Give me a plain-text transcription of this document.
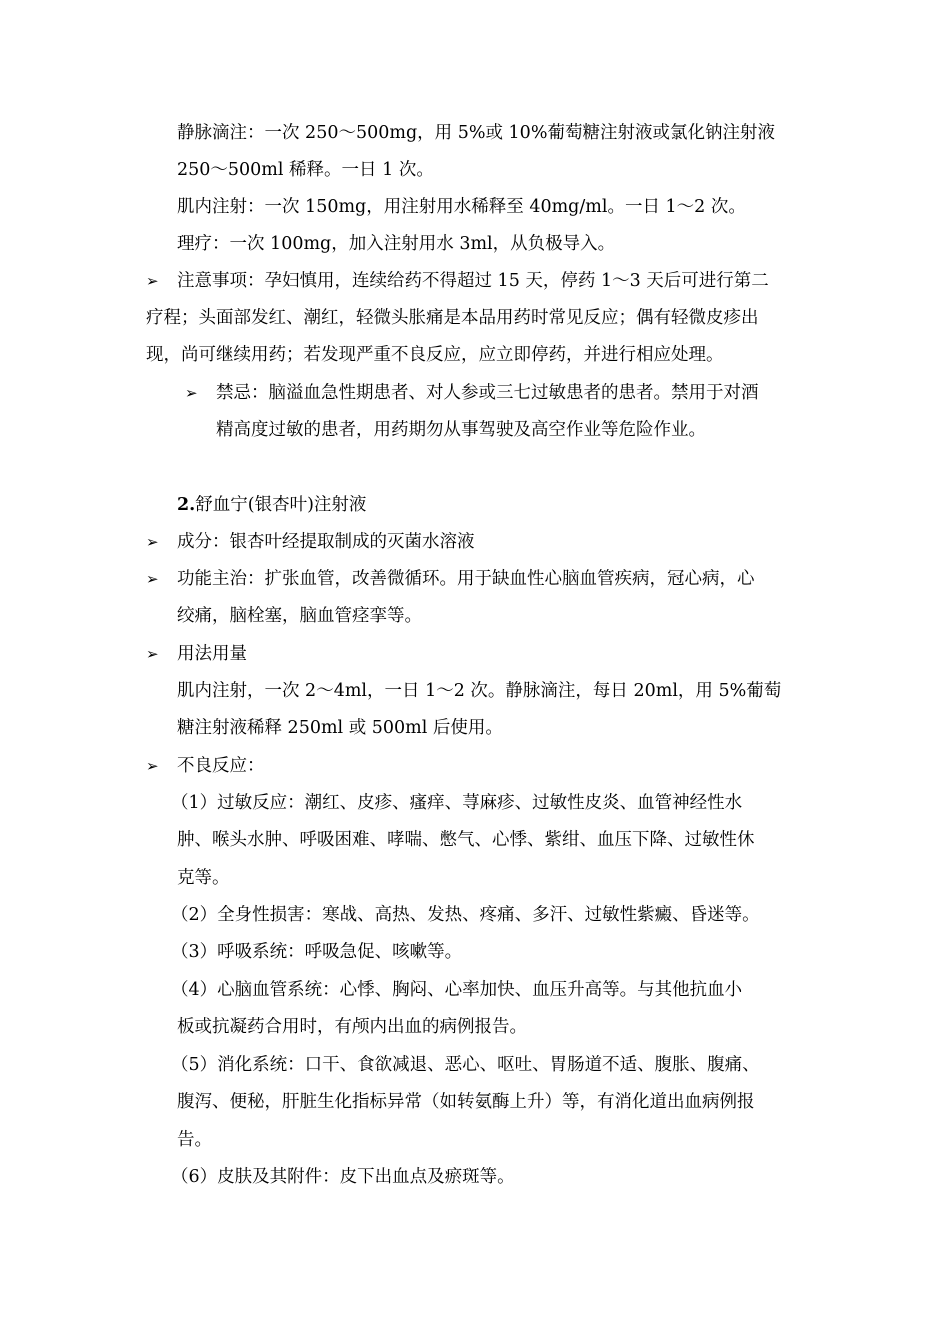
静脉滴注：一次 250～500mg，用 5%或 10%葡萄糖注射液或氯化钠注射液
250～500ml 稀释。一日 1 次。
肌内注射：一次 150mg，用注射用水稀释至 40mg/ml。一日 1～2 次。
理疗：一次 100mg，加入注射用水 3ml，从负极导入。
➢ 注意事项：孕妇慎用，连续给药不得超过 15 天，停药 1～3 天后可进行第二
疗程；头面部发红、潮红，轻微头胀痛是本品用药时常见反应；偶有轻微皮疹出
现，尚可继续用药；若发现严重不良反应，应立即停药，并进行相应处理。
➢ 禁忌：脑溢血急性期患者、对人参或三七过敏患者的患者。禁用于对酒
精高度过敏的患者，用药期勿从事驾驶及高空作业等危险作业。
2.舒血宁(银杏叶)注射液
➢ 成分：银杏叶经提取制成的灭菌水溶液
➢ 功能主治：扩张血管，改善微循环。用于缺血性心脑血管疾病，冠心病，心
绞痛，脑栓塞，脑血管痉挛等。
➢ 用法用量
肌内注射，一次 2～4ml，一日 1～2 次。静脉滴注，每日 20ml，用 5%葡萄
糖注射液稀释 250ml 或 500ml 后使用。
➢ 不良反应：
（1）过敏反应：潮红、皮疹、瘙痒、荨麻疹、过敏性皮炎、血管神经性水
肿、喉头水肿、呼吸困难、哮喘、憋气、心悸、紫绀、血压下降、过敏性休
克等。
（2）全身性损害：寒战、高热、发热、疼痛、多汗、过敏性紫癜、昏迷等。
（3）呼吸系统：呼吸急促、咳嗽等。
（4）心脑血管系统：心悸、胸闷、心率加快、血压升高等。与其他抗血小
板或抗凝药合用时，有颅内出血的病例报告。
（5）消化系统：口干、食欲减退、恶心、呕吐、胃肠道不适、腹胀、腹痛、
腹泻、便秘，肝脏生化指标异常（如转氨酶上升）等，有消化道出血病例报
告。
（6）皮肤及其附件：皮下出血点及瘀斑等。
